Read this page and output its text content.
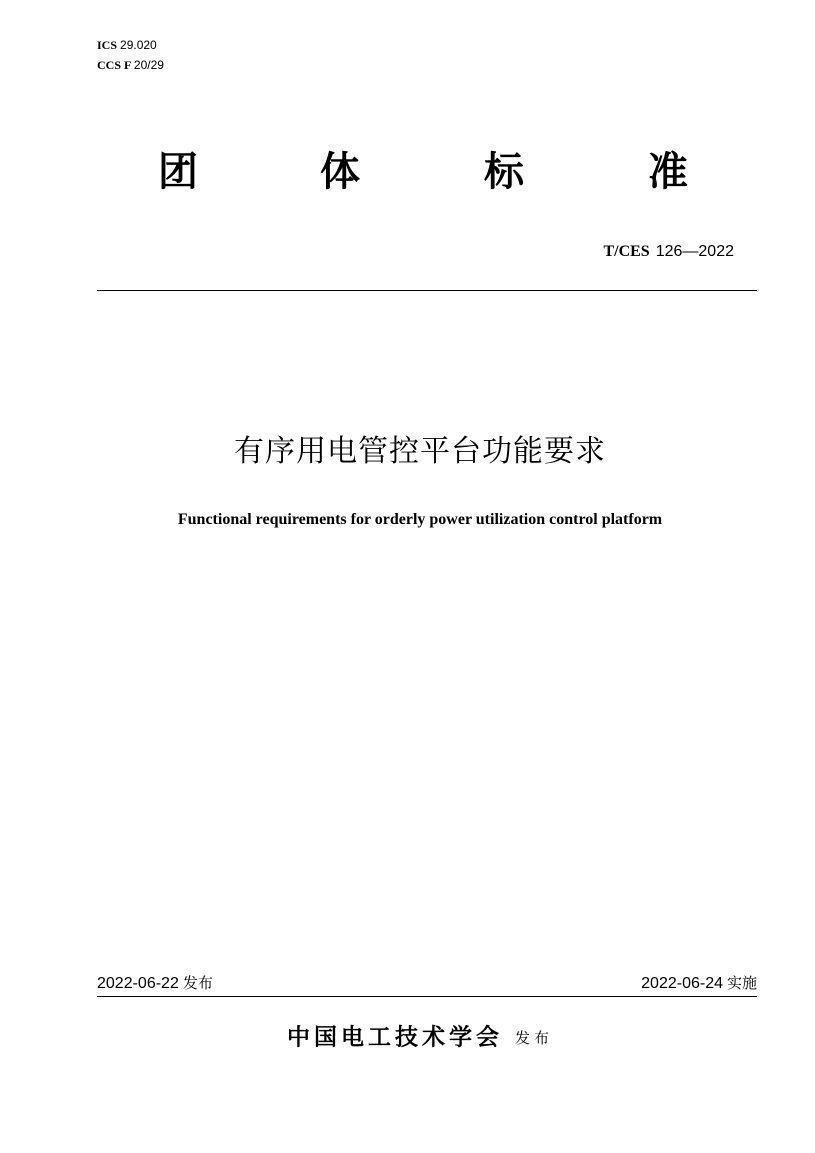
ICS 29.020
CCS F 20/29
团	体	标	准
T/CES 126—2022
有序用电管控平台功能要求
Functional requirements for orderly power utilization control platform
2022-06-22 发布	2022-06-24 实施
中国电工技术学会 发布
